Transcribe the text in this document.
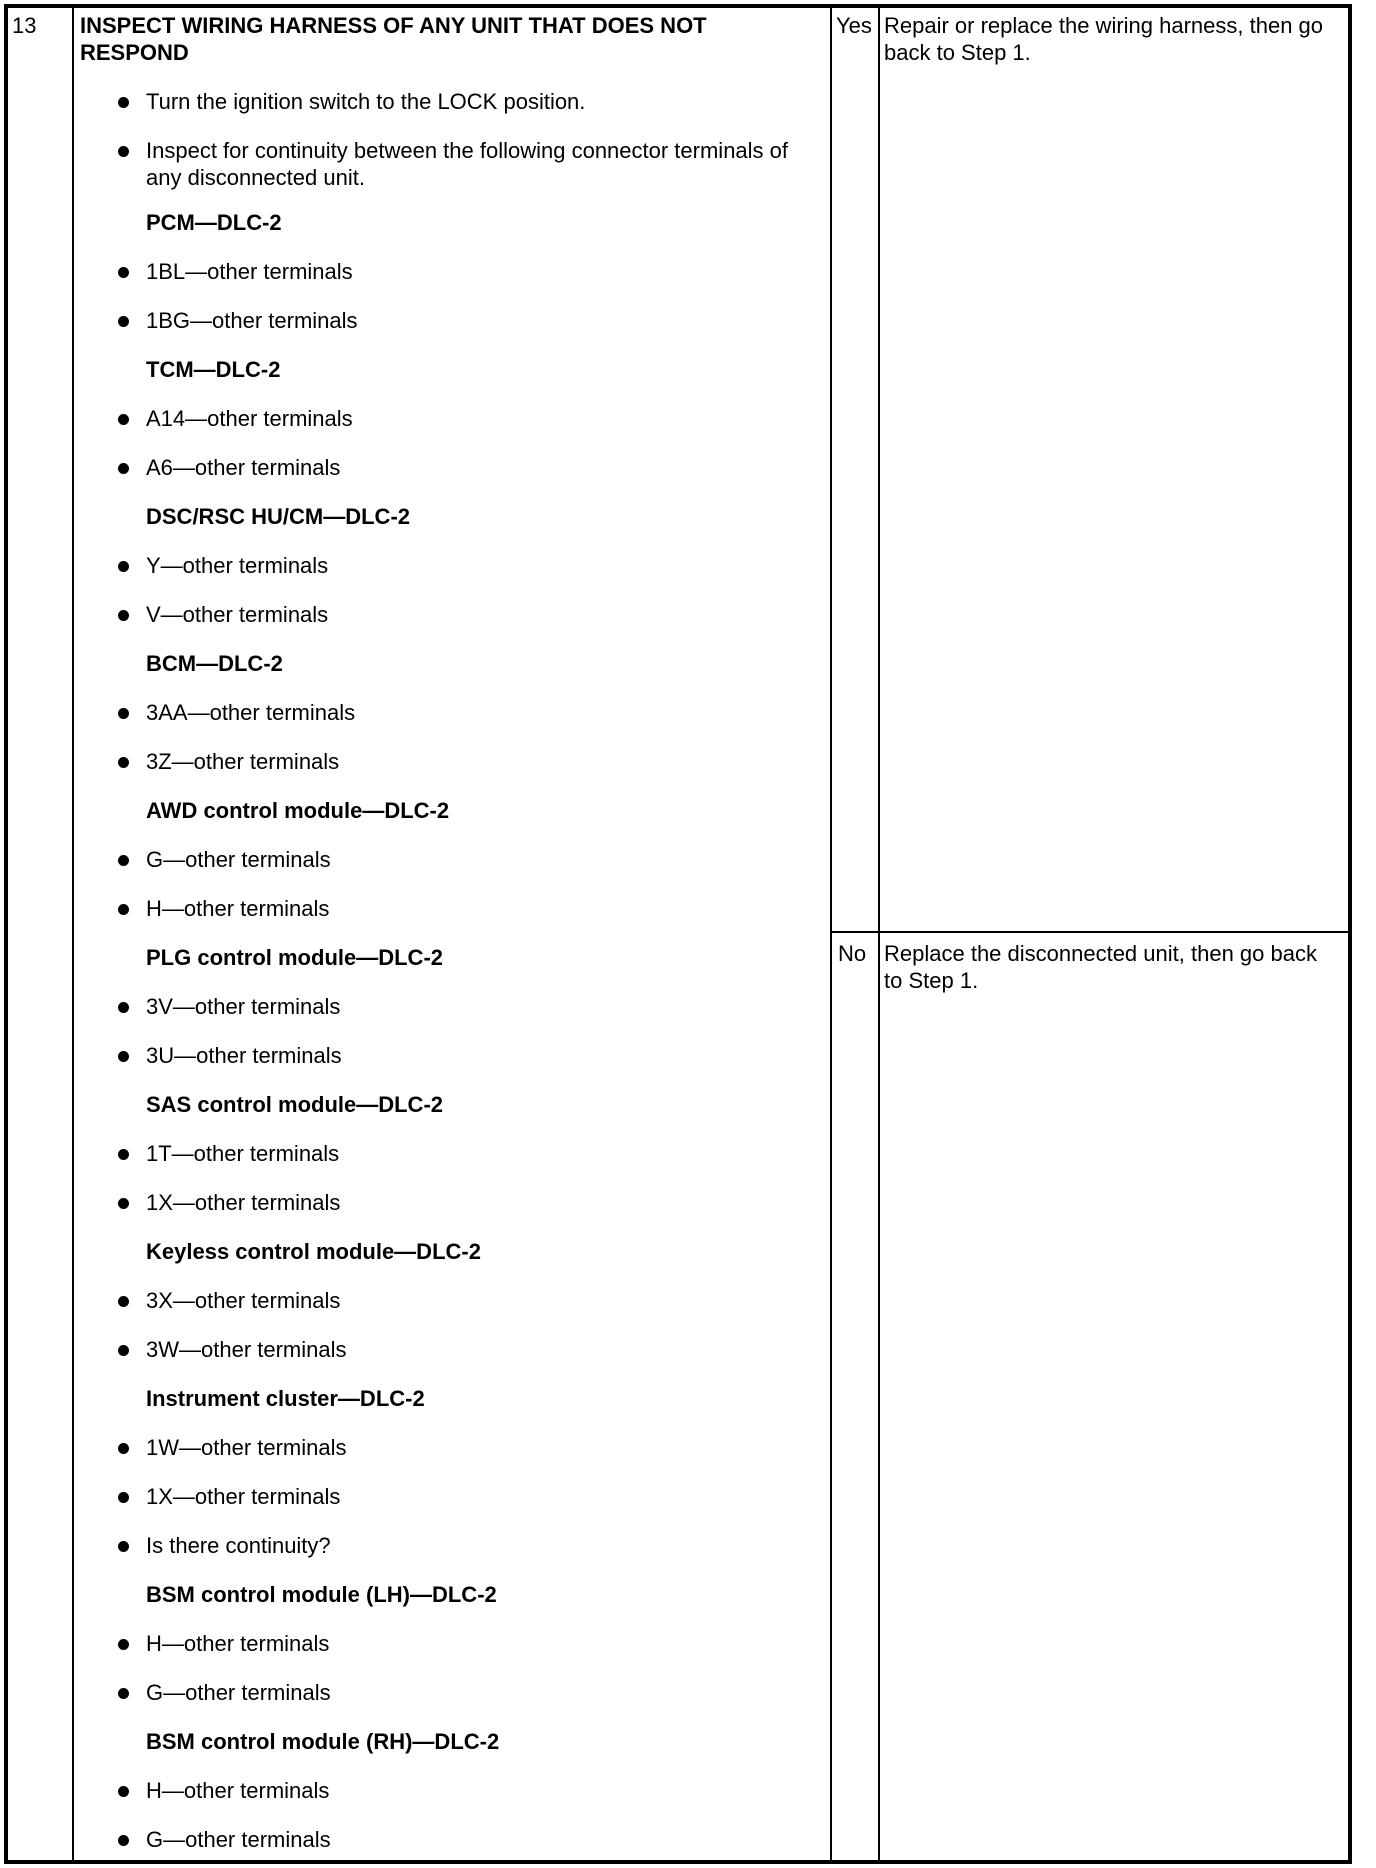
13 INSPECT WIRING HARNESS OF ANY UNIT THAT DOES NOT
RESPOND
Turn the ignition switch to the LOCK position.
Inspect for continuity between the following connector terminals of
any disconnected unit.
PCM—DLC-2
1BL—other terminals
1BG—other terminals
TCM—DLC-2
A14—other terminals
A6—other terminals
DSC/RSC HU/CM—DLC-2
Y—other terminals
V—other terminals
BCM—DLC-2
3AA—other terminals
3Z—other terminals
AWD control module—DLC-2
G—other terminals
H—other terminals
PLG control module—DLC-2
3V—other terminals
3U—other terminals
SAS control module—DLC-2
1T—other terminals
1X—other terminals
Keyless control module—DLC-2
3X—other terminals
3W—other terminals
Instrument cluster—DLC-2
1W—other terminals
1X—other terminals
Is there continuity?
BSM control module (LH)—DLC-2
H—other terminals
G—other terminals
BSM control module (RH)—DLC-2
H—other terminals
G—other terminals
Yes Repair or replace the wiring harness, then go
back to Step 1.
No Replace the disconnected unit, then go back
to Step 1.
